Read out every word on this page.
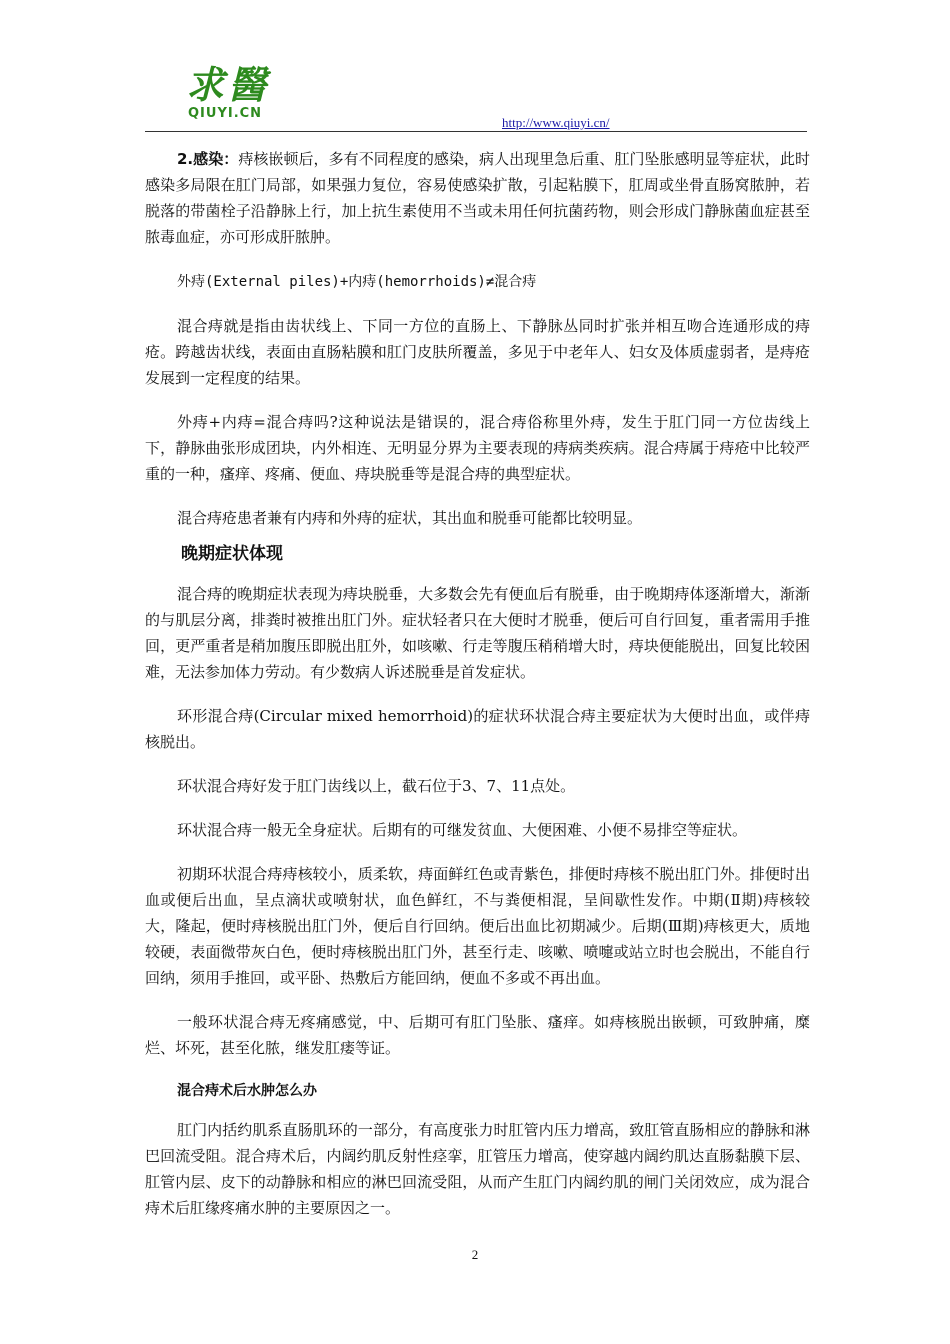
求醫
QIUYI.CN
http://www.qiuyi.cn/

2.感染：痔核嵌顿后，多有不同程度的感染，病人出现里急后重、肛门坠胀感明显等症状，此时感染多局限在肛门局部，如果强力复位，容易使感染扩散，引起粘膜下，肛周或坐骨直肠窝脓肿，若脱落的带菌栓子沿静脉上行，加上抗生素使用不当或未用任何抗菌药物，则会形成门静脉菌血症甚至脓毒血症，亦可形成肝脓肿。

外痔(External piles)+内痔(hemorrhoids)≠混合痔

混合痔就是指由齿状线上、下同一方位的直肠上、下静脉丛同时扩张并相互吻合连通形成的痔疮。跨越齿状线，表面由直肠粘膜和肛门皮肤所覆盖，多见于中老年人、妇女及体质虚弱者，是痔疮发展到一定程度的结果。

外痔+内痔=混合痔吗?这种说法是错误的，混合痔俗称里外痔，发生于肛门同一方位齿线上下，静脉曲张形成团块，内外相连、无明显分界为主要表现的痔病类疾病。混合痔属于痔疮中比较严重的一种，瘙痒、疼痛、便血、痔块脱垂等是混合痔的典型症状。

混合痔疮患者兼有内痔和外痔的症状，其出血和脱垂可能都比较明显。

晚期症状体现

混合痔的晚期症状表现为痔块脱垂，大多数会先有便血后有脱垂，由于晚期痔体逐渐增大，渐渐的与肌层分离，排粪时被推出肛门外。症状轻者只在大便时才脱垂，便后可自行回复，重者需用手推回，更严重者是稍加腹压即脱出肛外，如咳嗽、行走等腹压稍稍增大时，痔块便能脱出，回复比较困难，无法参加体力劳动。有少数病人诉述脱垂是首发症状。

环形混合痔(Circular mixed hemorrhoid)的症状环状混合痔主要症状为大便时出血，或伴痔核脱出。

环状混合痔好发于肛门齿线以上，截石位于3、7、11点处。

环状混合痔一般无全身症状。后期有的可继发贫血、大便困难、小便不易排空等症状。

初期环状混合痔痔核较小，质柔软，痔面鲜红色或青紫色，排便时痔核不脱出肛门外。排便时出血或便后出血，呈点滴状或喷射状，血色鲜红，不与粪便相混，呈间歇性发作。中期(Ⅱ期)痔核较大，隆起，便时痔核脱出肛门外，便后自行回纳。便后出血比初期减少。后期(Ⅲ期)痔核更大，质地较硬，表面微带灰白色，便时痔核脱出肛门外，甚至行走、咳嗽、喷嚏或站立时也会脱出，不能自行回纳，须用手推回，或平卧、热敷后方能回纳，便血不多或不再出血。

一般环状混合痔无疼痛感觉，中、后期可有肛门坠胀、瘙痒。如痔核脱出嵌顿，可致肿痛，糜烂、坏死，甚至化脓，继发肛瘘等证。

混合痔术后水肿怎么办

肛门内括约肌系直肠肌环的一部分，有高度张力时肛管内压力增高，致肛管直肠相应的静脉和淋巴回流受阻。混合痔术后，内阔约肌反射性痉挛，肛管压力增高，使穿越内阔约肌达直肠黏膜下层、肛管内层、皮下的动静脉和相应的淋巴回流受阻，从而产生肛门内阔约肌的闸门关闭效应，成为混合痔术后肛缘疼痛水肿的主要原因之一。

2
